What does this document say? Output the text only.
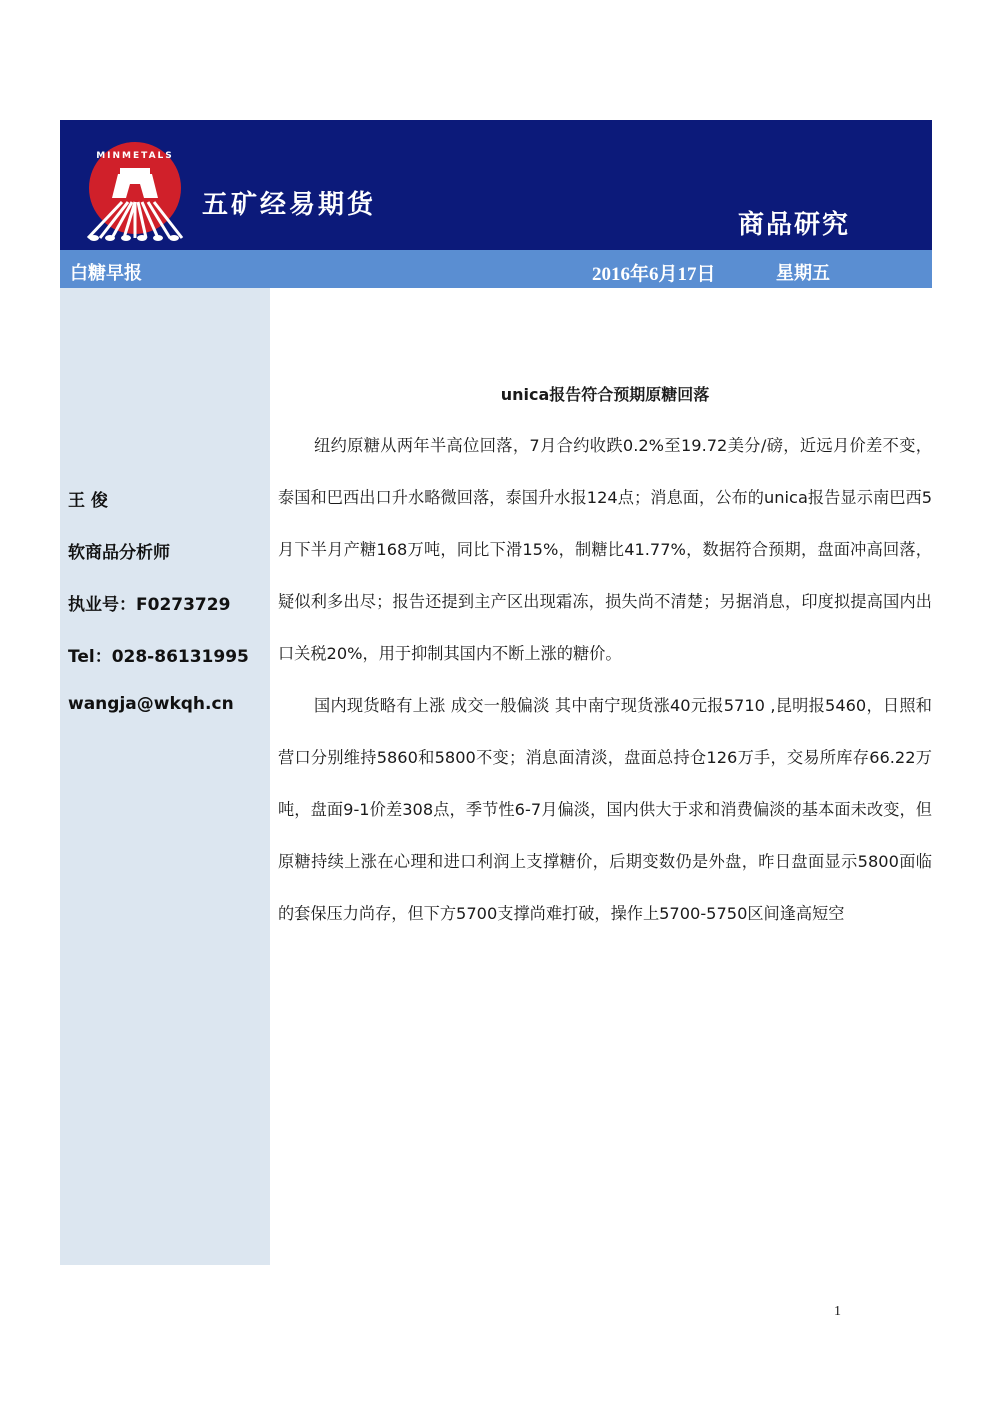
MINMETALS
五矿经易期货
商品研究
白糖早报	2016年6月17日	星期五
王 俊
软商品分析师
执业号：F0273729
Tel：028-86131995
wangja@wkqh.cn
unica报告符合预期原糖回落

纽约原糖从两年半高位回落，7月合约收跌0.2%至19.72美分/磅，近远月价差不变，泰国和巴西出口升水略微回落，泰国升水报124点；消息面，公布的unica报告显示南巴西5月下半月产糖168万吨，同比下滑15%，制糖比41.77%，数据符合预期，盘面冲高回落，疑似利多出尽；报告还提到主产区出现霜冻，损失尚不清楚；另据消息，印度拟提高国内出口关税20%，用于抑制其国内不断上涨的糖价。

国内现货略有上涨 成交一般偏淡 其中南宁现货涨40元报5710 ,昆明报5460，日照和营口分别维持5860和5800不变；消息面清淡，盘面总持仓126万手，交易所库存66.22万吨，盘面9-1价差308点，季节性6-7月偏淡，国内供大于求和消费偏淡的基本面未改变，但原糖持续上涨在心理和进口利润上支撑糖价，后期变数仍是外盘，昨日盘面显示5800面临的套保压力尚存，但下方5700支撑尚难打破，操作上5700-5750区间逢高短空

1
